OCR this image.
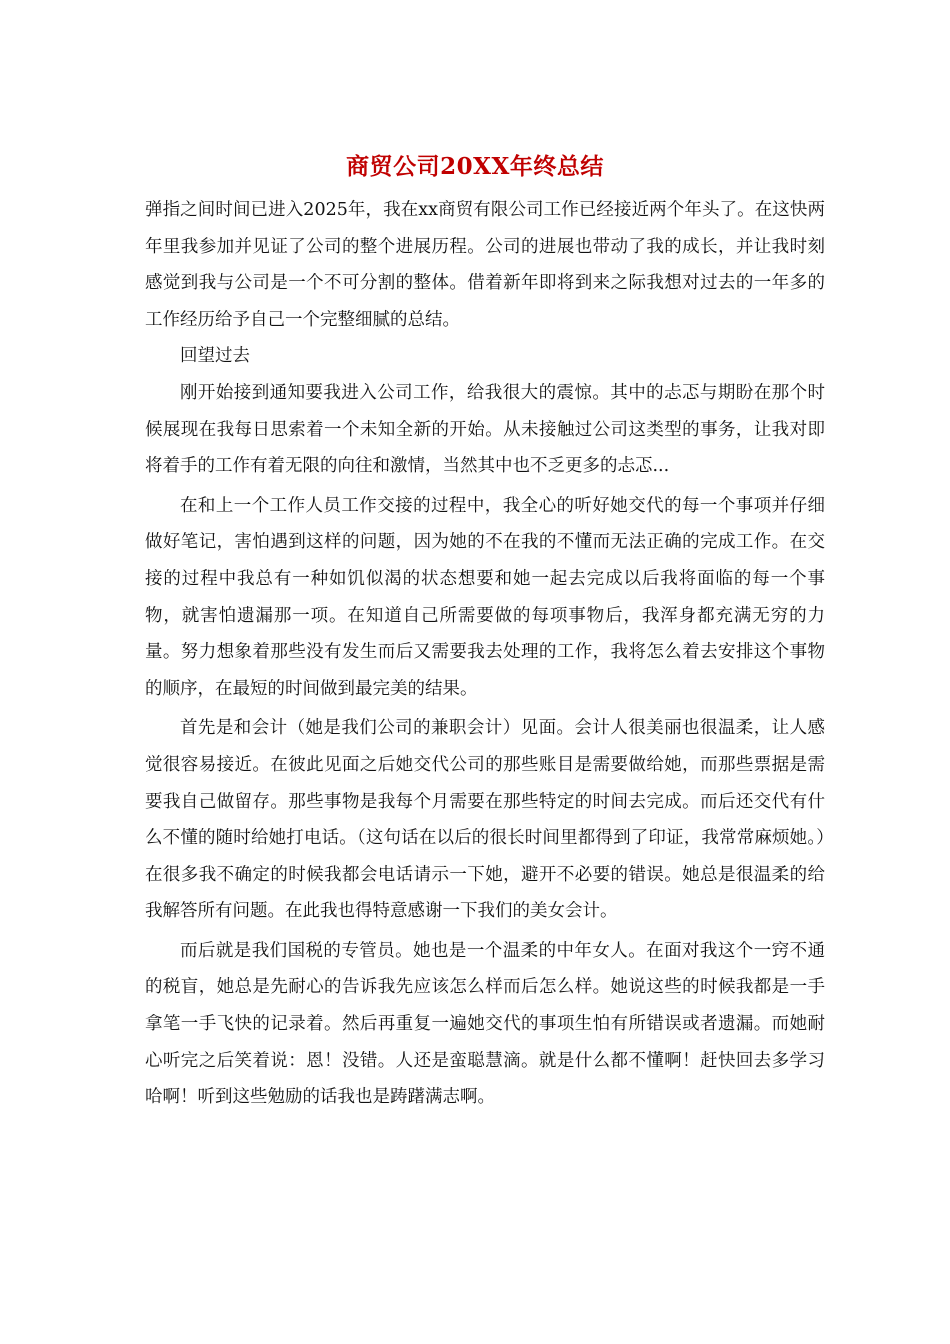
商贸公司20XX年终总结

弹指之间时间已进入2025年，我在xx商贸有限公司工作已经接近两个年头了。在这快两年里我参加并见证了公司的整个进展历程。公司的进展也带动了我的成长，并让我时刻感觉到我与公司是一个不可分割的整体。借着新年即将到来之际我想对过去的一年多的工作经历给予自己一个完整细腻的总结。

回望过去

刚开始接到通知要我进入公司工作，给我很大的震惊。其中的忐忑与期盼在那个时候展现在我每日思索着一个未知全新的开始。从未接触过公司这类型的事务，让我对即将着手的工作有着无限的向往和激情，当然其中也不乏更多的忐忑...

在和上一个工作人员工作交接的过程中，我全心的听好她交代的每一个事项并仔细做好笔记，害怕遇到这样的问题，因为她的不在我的不懂而无法正确的完成工作。在交接的过程中我总有一种如饥似渴的状态想要和她一起去完成以后我将面临的每一个事物，就害怕遗漏那一项。在知道自己所需要做的每项事物后，我浑身都充满无穷的力量。努力想象着那些没有发生而后又需要我去处理的工作，我将怎么着去安排这个事物的顺序，在最短的时间做到最完美的结果。

首先是和会计（她是我们公司的兼职会计）见面。会计人很美丽也很温柔，让人感觉很容易接近。在彼此见面之后她交代公司的那些账目是需要做给她，而那些票据是需要我自己做留存。那些事物是我每个月需要在那些特定的时间去完成。而后还交代有什么不懂的随时给她打电话。（这句话在以后的很长时间里都得到了印证，我常常麻烦她。）在很多我不确定的时候我都会电话请示一下她，避开不必要的错误。她总是很温柔的给我解答所有问题。在此我也得特意感谢一下我们的美女会计。

而后就是我们国税的专管员。她也是一个温柔的中年女人。在面对我这个一窍不通的税盲，她总是先耐心的告诉我先应该怎么样而后怎么样。她说这些的时候我都是一手拿笔一手飞快的记录着。然后再重复一遍她交代的事项生怕有所错误或者遗漏。而她耐心听完之后笑着说：恩！没错。人还是蛮聪慧滴。就是什么都不懂啊！赶快回去多学习哈啊！听到这些勉励的话我也是踌躇满志啊。
